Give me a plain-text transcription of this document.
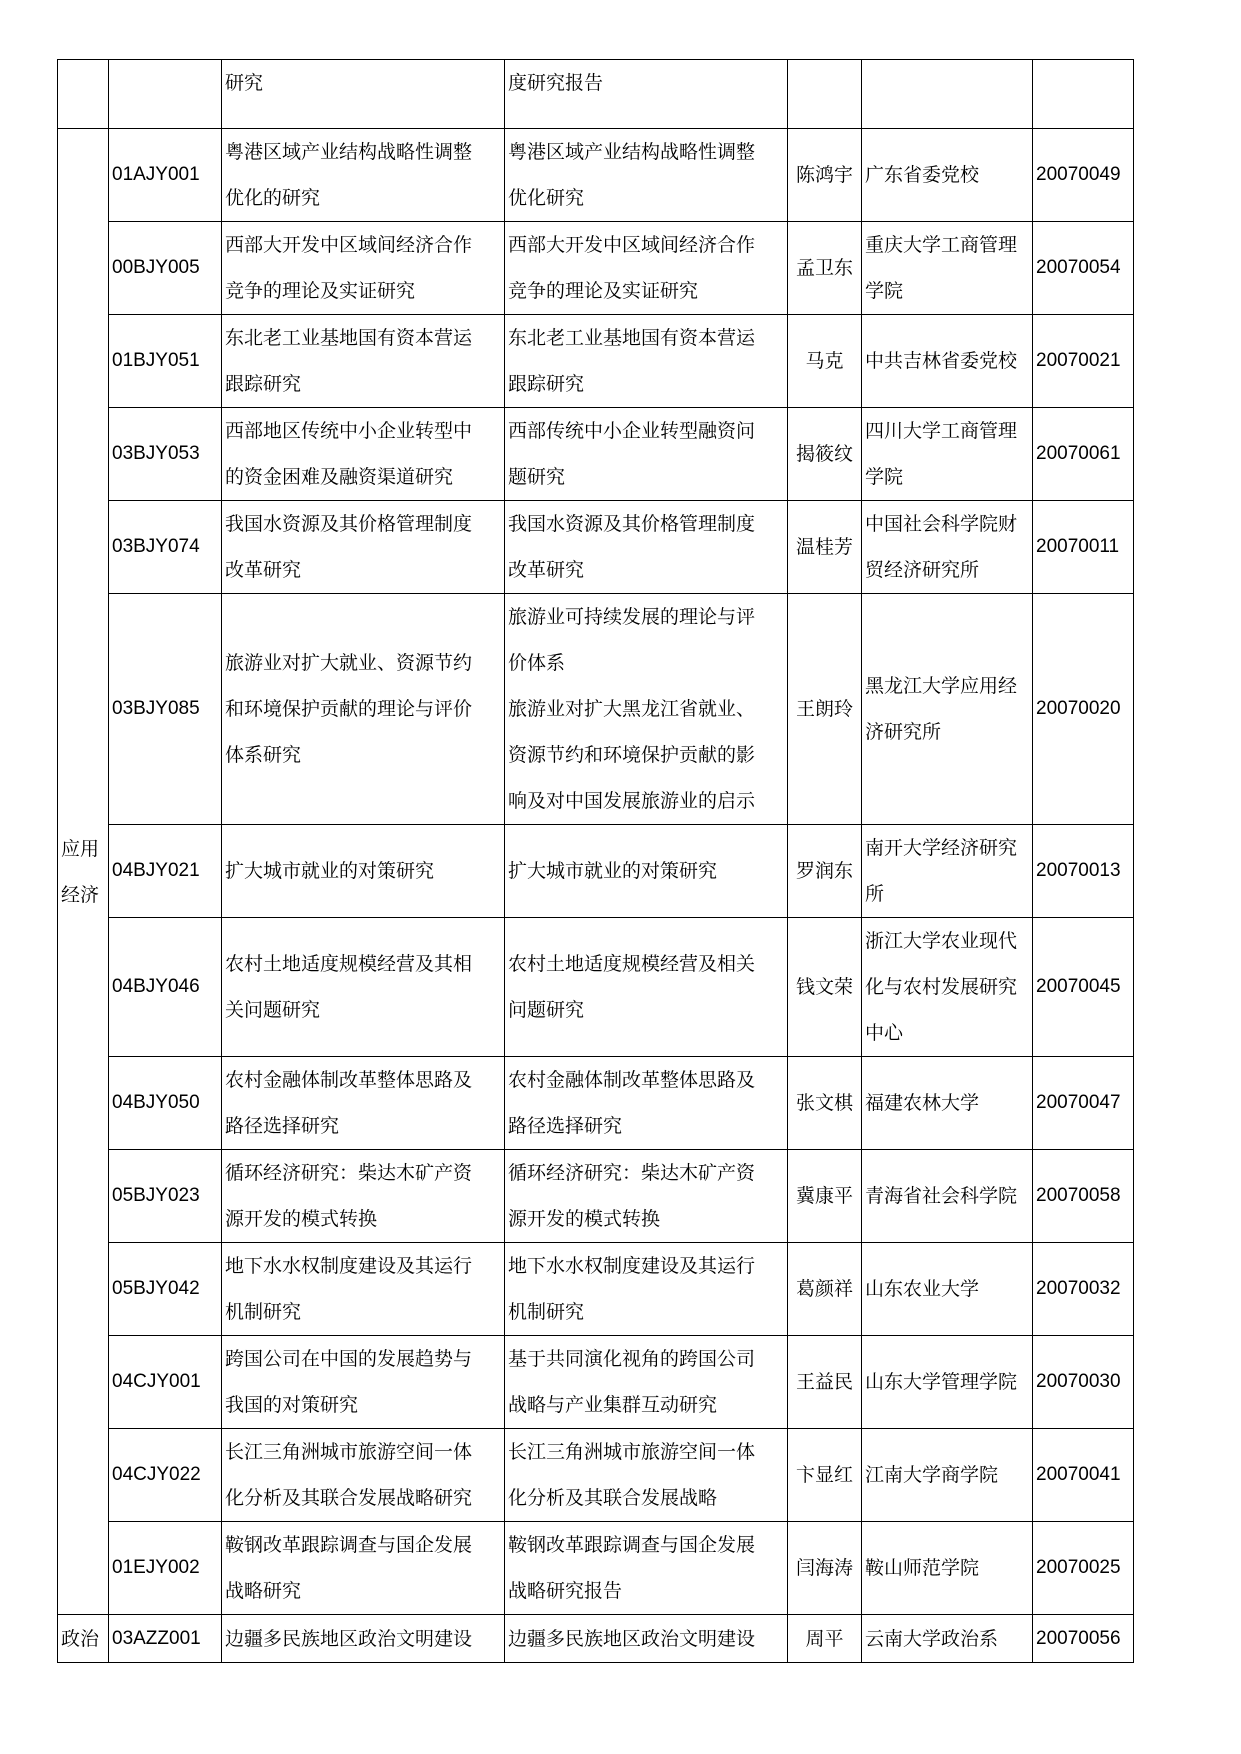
		研究	度研究报告			

应用
经济	01AJY001	粤港区域产业结构战略性调整
优化的研究	粤港区域产业结构战略性调整
优化研究	陈鸿宇	广东省委党校	20070049
	00BJY005	西部大开发中区域间经济合作
竞争的理论及实证研究	西部大开发中区域间经济合作
竞争的理论及实证研究	孟卫东	重庆大学工商管理
学院	20070054
	01BJY051	东北老工业基地国有资本营运
跟踪研究	东北老工业基地国有资本营运
跟踪研究	马克	中共吉林省委党校	20070021
	03BJY053	西部地区传统中小企业转型中
的资金困难及融资渠道研究	西部传统中小企业转型融资问
题研究	揭筱纹	四川大学工商管理
学院	20070061
	03BJY074	我国水资源及其价格管理制度
改革研究	我国水资源及其价格管理制度
改革研究	温桂芳	中国社会科学院财
贸经济研究所	20070011
	03BJY085	旅游业对扩大就业、资源节约
和环境保护贡献的理论与评价
体系研究	旅游业可持续发展的理论与评
价体系
旅游业对扩大黑龙江省就业、
资源节约和环境保护贡献的影
响及对中国发展旅游业的启示	王朗玲	黑龙江大学应用经
济研究所	20070020
	04BJY021	扩大城市就业的对策研究	扩大城市就业的对策研究	罗润东	南开大学经济研究
所	20070013
	04BJY046	农村土地适度规模经营及其相
关问题研究	农村土地适度规模经营及相关
问题研究	钱文荣	浙江大学农业现代
化与农村发展研究
中心	20070045
	04BJY050	农村金融体制改革整体思路及
路径选择研究	农村金融体制改革整体思路及
路径选择研究	张文棋	福建农林大学	20070047
	05BJY023	循环经济研究：柴达木矿产资
源开发的模式转换	循环经济研究：柴达木矿产资
源开发的模式转换	冀康平	青海省社会科学院	20070058
	05BJY042	地下水水权制度建设及其运行
机制研究	地下水水权制度建设及其运行
机制研究	葛颜祥	山东农业大学	20070032
	04CJY001	跨国公司在中国的发展趋势与
我国的对策研究	基于共同演化视角的跨国公司
战略与产业集群互动研究	王益民	山东大学管理学院	20070030
	04CJY022	长江三角洲城市旅游空间一体
化分析及其联合发展战略研究	长江三角洲城市旅游空间一体
化分析及其联合发展战略	卞显红	江南大学商学院	20070041
	01EJY002	鞍钢改革跟踪调查与国企发展
战略研究	鞍钢改革跟踪调查与国企发展
战略研究报告	闫海涛	鞍山师范学院	20070025
政治	03AZZ001	边疆多民族地区政治文明建设	边疆多民族地区政治文明建设	周平	云南大学政治系	20070056
